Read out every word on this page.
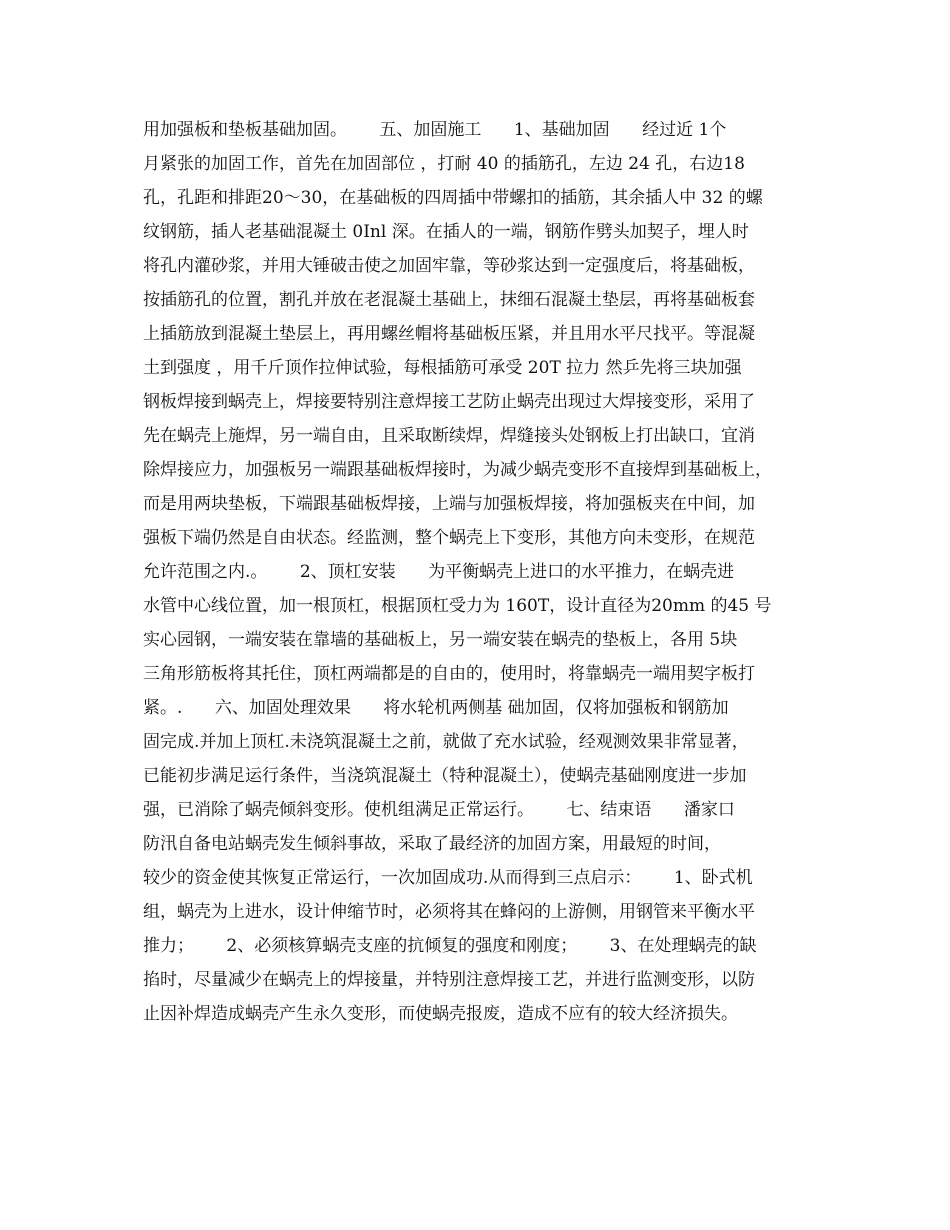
用加强板和垫板基础加固。      五、加固施工      1、基础加固      经过近 1个
月紧张的加固工作，首先在加固部位 ，打耐 40 的插筋孔，左边 24 孔，右边18
孔，孔距和排距20～30，在基础板的四周插中带螺扣的插筋，其余插人中 32 的螺
纹钢筋，插人老基础混凝土 0Inl 深。在插人的一端，钢筋作劈头加契子，埋人时
将孔内灌砂浆，并用大锤破击使之加固牢靠，等砂浆达到一定强度后，将基础板，
按插筋孔的位置，割孔并放在老混凝土基础上，抹细石混凝土垫层，再将基础板套
上插筋放到混凝土垫层上，再用螺丝帽将基础板压紧，并且用水平尺找平。等混凝
土到强度 ，用千斤顶作拉伸试验，每根插筋可承受 20T 拉力 然乒先将三块加强
钢板焊接到蜗壳上，焊接要特别注意焊接工艺防止蜗壳出现过大焊接变形，采用了
先在蜗壳上施焊，另一端自由，且采取断续焊，焊缝接头处钢板上打出缺口，宜消
除焊接应力，加强板另一端跟基础板焊接时，为减少蜗壳变形不直接焊到基础板上，
而是用两块垫板，下端跟基础板焊接，上端与加强板焊接，将加强板夹在中间，加
强板下端仍然是自由状态。经监测，整个蜗壳上下变形，其他方向未变形，在规范
允许范围之内.。      2、顶杠安装      为平衡蜗壳上进口的水平推力，在蜗壳进
水管中心线位置，加一根顶杠，根据顶杠受力为 160T，设计直径为20mm 的45 号
实心园钢，一端安装在靠墙的基础板上，另一端安装在蜗壳的垫板上，各用 5块
三角形筋板将其托住，顶杠两端都是的自由的，使用时，将靠蜗壳一端用契字板打
紧。.      六、加固处理效果      将水轮机两侧基 础加固，仅将加强板和钢筋加
固完成.并加上顶杠.未浇筑混凝土之前，就做了充水试验，经观测效果非常显著，
已能初步满足运行条件，当浇筑混凝土（特种混凝土），使蜗壳基础刚度进一步加
强，已消除了蜗壳倾斜变形。使机组满足正常运行。      七、结束语      潘家口
防汛自备电站蜗壳发生倾斜事故，采取了最经济的加固方案，用最短的时间，
较少的资金使其恢复正常运行，一次加固成功.从而得到三点启示：      1、卧式机
组，蜗壳为上进水，设计伸缩节时，必须将其在蜂闷的上游侧，用钢管来平衡水平
推力；      2、必须核算蜗壳支座的抗倾复的强度和刚度；      3、在处理蜗壳的缺
掐时，尽量减少在蜗壳上的焊接量，并特别注意焊接工艺，并进行监测变形，以防
止因补焊造成蜗壳产生永久变形，而使蜗壳报废，造成不应有的较大经济损失。
